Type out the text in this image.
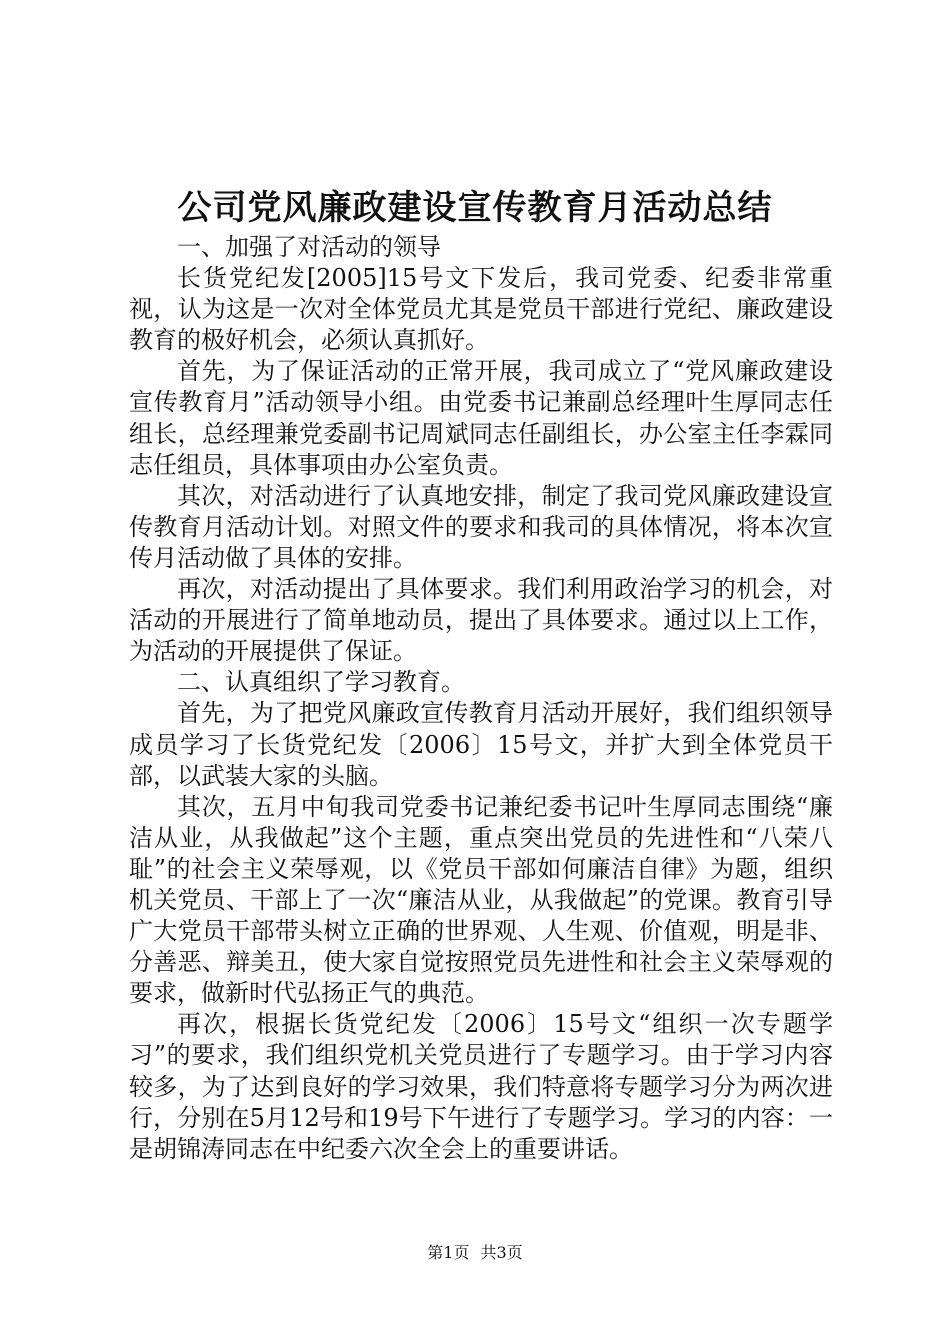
公司党风廉政建设宣传教育月活动总结

一、加强了对活动的领导

长货党纪发[2005]15号文下发后，我司党委、纪委非常重视，认为这是一次对全体党员尤其是党员干部进行党纪、廉政建设教育的极好机会，必须认真抓好。

首先，为了保证活动的正常开展，我司成立了“党风廉政建设宣传教育月”活动领导小组。由党委书记兼副总经理叶生厚同志任组长，总经理兼党委副书记周斌同志任副组长，办公室主任李霖同志任组员，具体事项由办公室负责。

其次，对活动进行了认真地安排，制定了我司党风廉政建设宣传教育月活动计划。对照文件的要求和我司的具体情况，将本次宣传月活动做了具体的安排。

再次，对活动提出了具体要求。我们利用政治学习的机会，对活动的开展进行了简单地动员，提出了具体要求。通过以上工作，为活动的开展提供了保证。

二、认真组织了学习教育。

首先，为了把党风廉政宣传教育月活动开展好，我们组织领导成员学习了长货党纪发〔2006〕15号文，并扩大到全体党员干部，以武装大家的头脑。

其次，五月中旬我司党委书记兼纪委书记叶生厚同志围绕“廉洁从业，从我做起”这个主题，重点突出党员的先进性和“八荣八耻”的社会主义荣辱观，以《党员干部如何廉洁自律》为题，组织机关党员、干部上了一次“廉洁从业，从我做起”的党课。教育引导广大党员干部带头树立正确的世界观、人生观、价值观，明是非、分善恶、辩美丑，使大家自觉按照党员先进性和社会主义荣辱观的要求，做新时代弘扬正气的典范。

再次，根据长货党纪发〔2006〕15号文“组织一次专题学习”的要求，我们组织党机关党员进行了专题学习。由于学习内容较多，为了达到良好的学习效果，我们特意将专题学习分为两次进行，分别在5月12号和19号下午进行了专题学习。学习的内容：一是胡锦涛同志在中纪委六次全会上的重要讲话。

第1页 共3页
